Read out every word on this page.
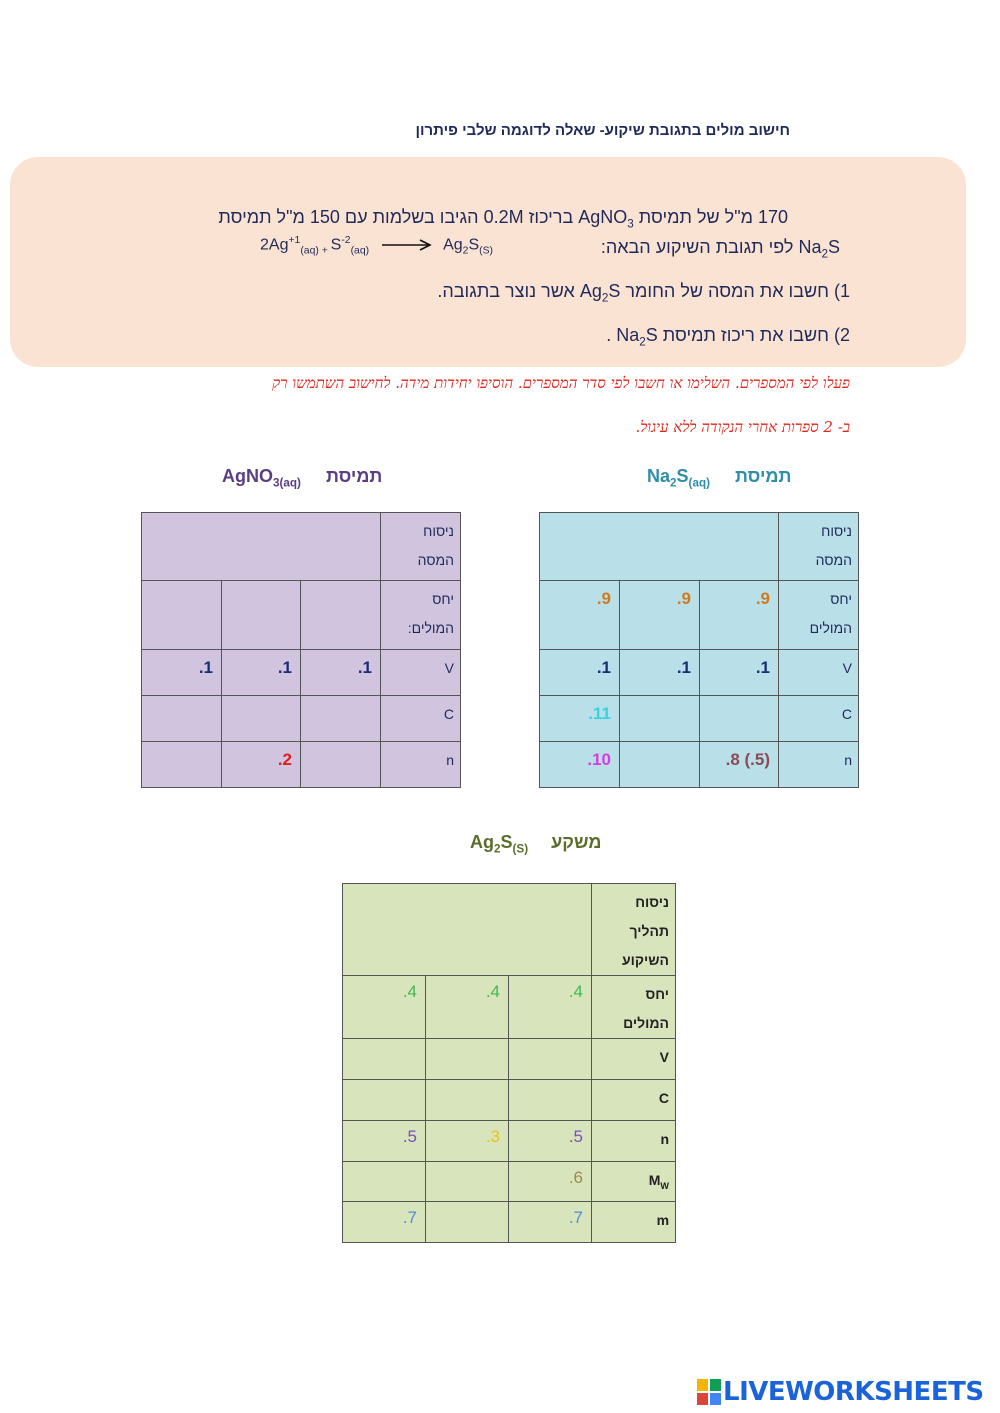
חישוב מולים בתגובת שיקוע- שאלה לדוגמה שלבי פיתרון
170 מ"ל של תמיסת AgNO$_3$ בריכוז 0.2M הגיבו בשלמות עם 150 מ"ל תמיסת
$Na_2S$ לפי תגובת השיקוע הבאה:
$2Ag^{+1}_{(aq) +}$ $S^{-2}_{(aq)} \to Ag_2S_{(S)}$
1) חשבו את המסה של החומר $Ag_2S$ אשר נוצר בתגובה.
2) חשבו את ריכוז תמיסת $Na_2S$ .
פעלו לפי המספרים. השלימו או חשבו לפי סדר המספרים. הוסיפו יחידות מידה. לחישוב השתמשו רק
ב- 2 ספרות אחרי הנקודה ללא עיגול.
$Na_2S_{(aq)}$ תמיסת
AgNO$_{3(aq)}$ תמיסת
			ניסוח המסה
.9	.9	.9	יחס המולים
.1	.1	.1	V
.11			C
.10		.8 (.5)	n
			ניסוח המסה
			יחס המולים:
.1	.1	.1	V
			C
	.2		n
$Ag_2S_{(S)}$ משקע
			ניסוח תהליך השיקוע
.4	.4	.4	יחס המולים
			V
			C
.5	.3	.5	n
		.6	$M_W$
.7		.7	m
LIVEWORKSHEETS
